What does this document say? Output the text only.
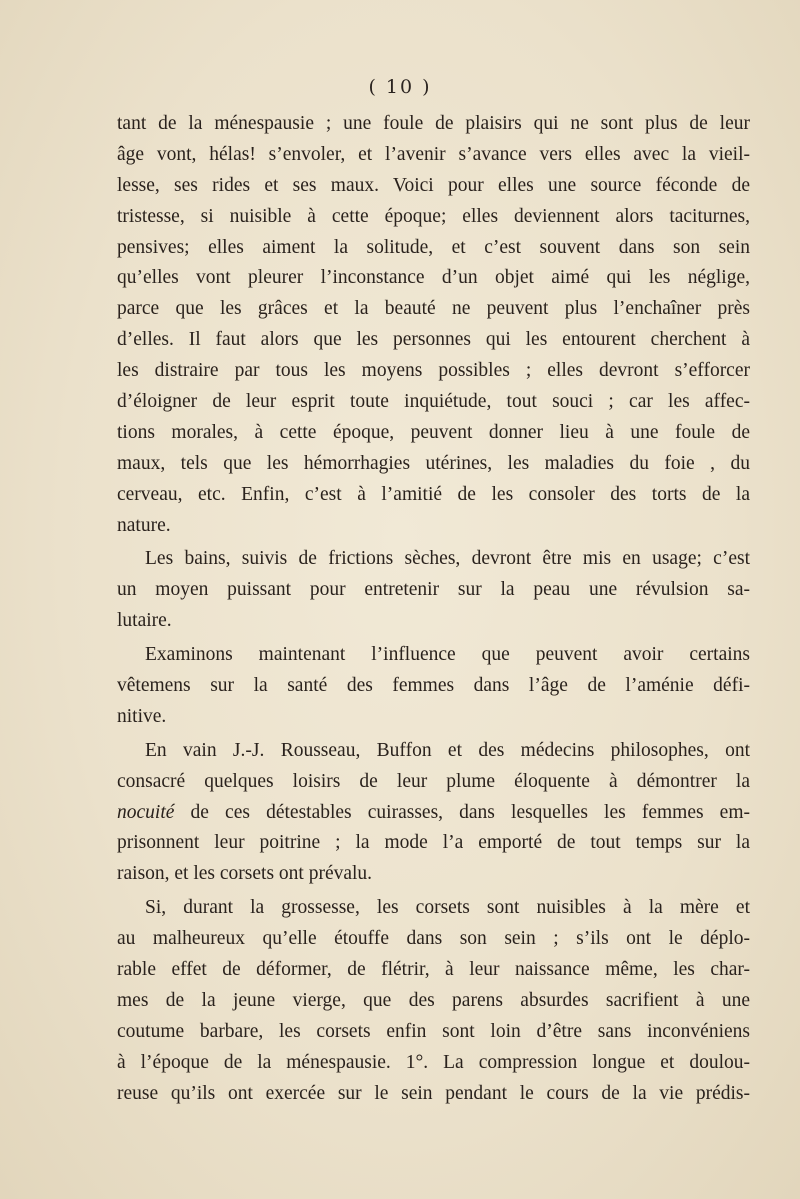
( 10 )
tant de la ménespausie ; une foule de plaisirs qui ne sont plus de leur
âge vont, hélas! s’envoler, et l’avenir s’avance vers elles avec la vieil-
lesse, ses rides et ses maux. Voici pour elles une source féconde de
tristesse, si nuisible à cette époque; elles deviennent alors taciturnes,
pensives; elles aiment la solitude, et c’est souvent dans son sein
qu’elles vont pleurer l’inconstance d’un objet aimé qui les néglige,
parce que les grâces et la beauté ne peuvent plus l’enchaîner près
d’elles. Il faut alors que les personnes qui les entourent cherchent à
les distraire par tous les moyens possibles ; elles devront s’efforcer
d’éloigner de leur esprit toute inquiétude, tout souci ; car les affec-
tions morales, à cette époque, peuvent donner lieu à une foule de
maux, tels que les hémorrhagies utérines, les maladies du foie , du
cerveau, etc. Enfin, c’est à l’amitié de les consoler des torts de la
nature.
Les bains, suivis de frictions sèches, devront être mis en usage; c’est
un moyen puissant pour entretenir sur la peau une révulsion sa-
lutaire.
Examinons maintenant l’influence que peuvent avoir certains
vêtemens sur la santé des femmes dans l’âge de l’aménie défi-
nitive.
En vain J.-J. Rousseau, Buffon et des médecins philosophes, ont
consacré quelques loisirs de leur plume éloquente à démontrer la
nocuité de ces détestables cuirasses, dans lesquelles les femmes em-
prisonnent leur poitrine ; la mode l’a emporté de tout temps sur la
raison, et les corsets ont prévalu.
Si, durant la grossesse, les corsets sont nuisibles à la mère et
au malheureux qu’elle étouffe dans son sein ; s’ils ont le déplo-
rable effet de déformer, de flétrir, à leur naissance même, les char-
mes de la jeune vierge, que des parens absurdes sacrifient à une
coutume barbare, les corsets enfin sont loin d’être sans inconvéniens
à l’époque de la ménespausie. 1°. La compression longue et doulou-
reuse qu’ils ont exercée sur le sein pendant le cours de la vie prédis-
